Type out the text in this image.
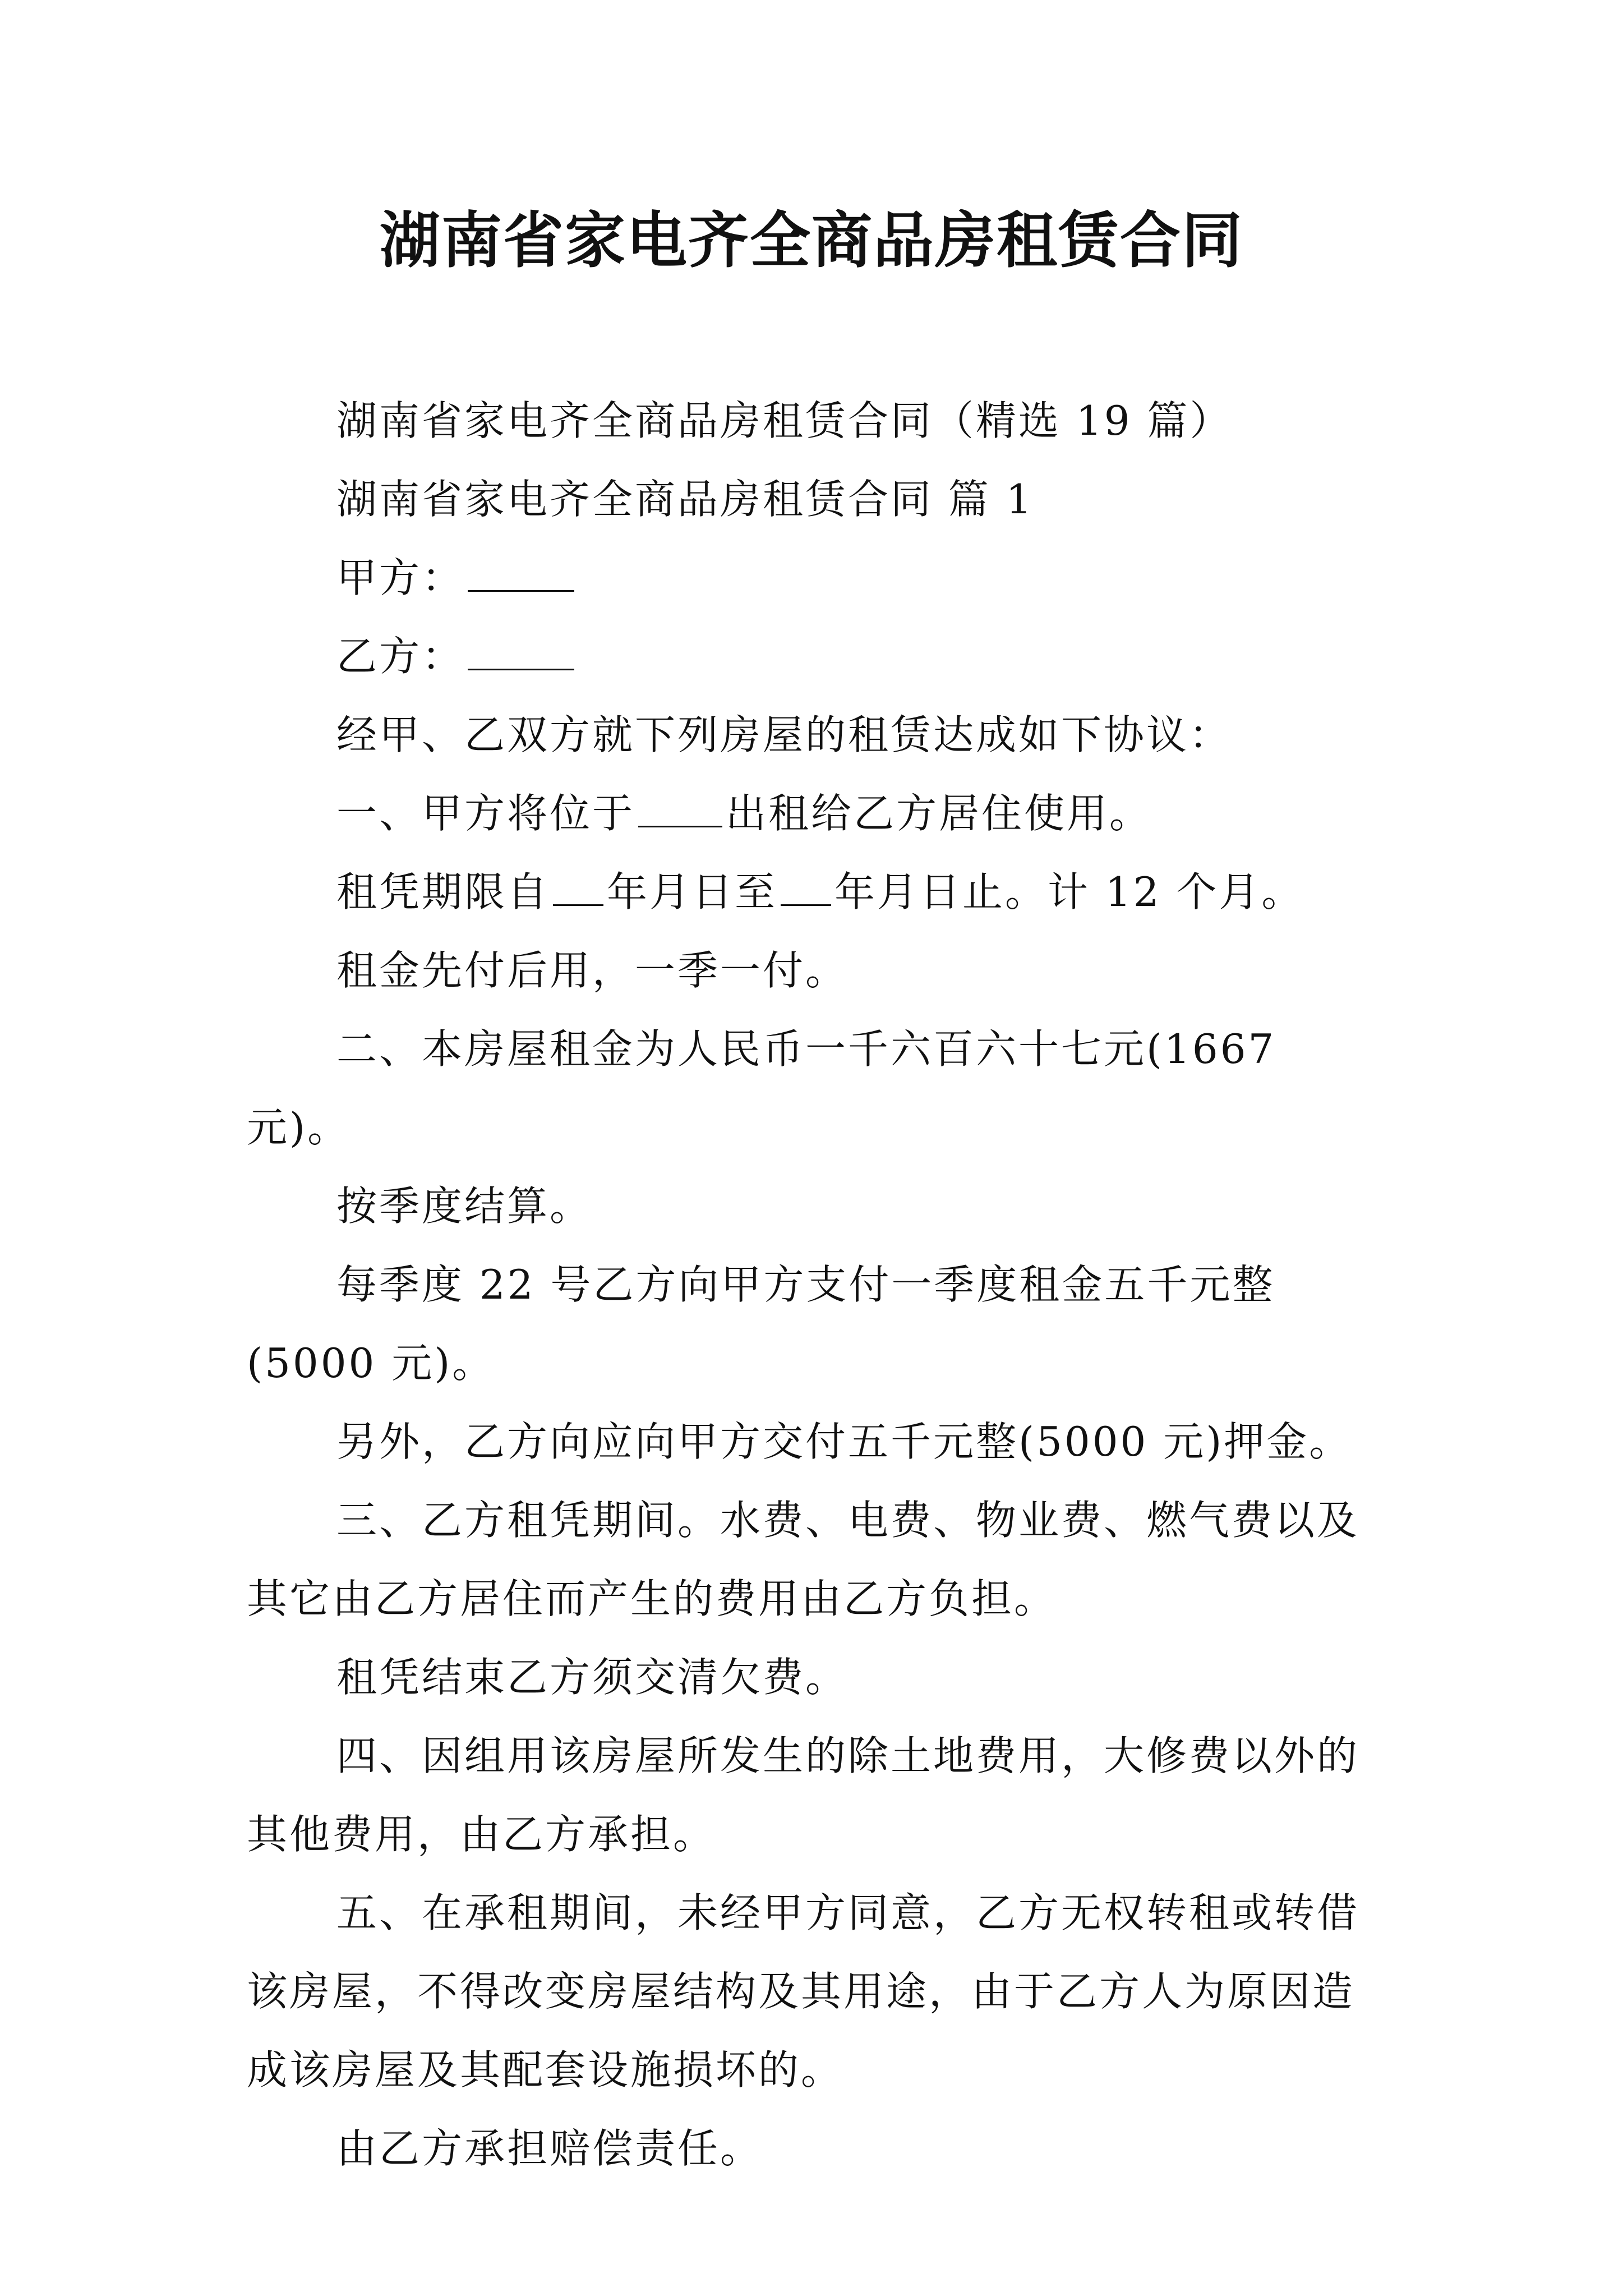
湖南省家电齐全商品房租赁合同

湖南省家电齐全商品房租赁合同（精选 19 篇）

湖南省家电齐全商品房租赁合同 篇 1

甲方：

乙方：

经甲、乙双方就下列房屋的租赁达成如下协议：

一、甲方将位于 出租给乙方居住使用。

租凭期限自 年月日至 年月日止。计 12 个月。

租金先付后用，一季一付。

二、本房屋租金为人民币一千六百六十七元(1667 元)。

按季度结算。

每季度 22 号乙方向甲方支付一季度租金五千元整(5000 元)。

另外，乙方向应向甲方交付五千元整(5000 元)押金。

三、乙方租凭期间。水费、电费、物业费、燃气费以及其它由乙方居住而产生的费用由乙方负担。

租凭结束乙方须交清欠费。

四、因组用该房屋所发生的除土地费用，大修费以外的其他费用，由乙方承担。

五、在承租期间，未经甲方同意，乙方无权转租或转借该房屋，不得改变房屋结构及其用途，由于乙方人为原因造成该房屋及其配套设施损坏的。

由乙方承担赔偿责任。
